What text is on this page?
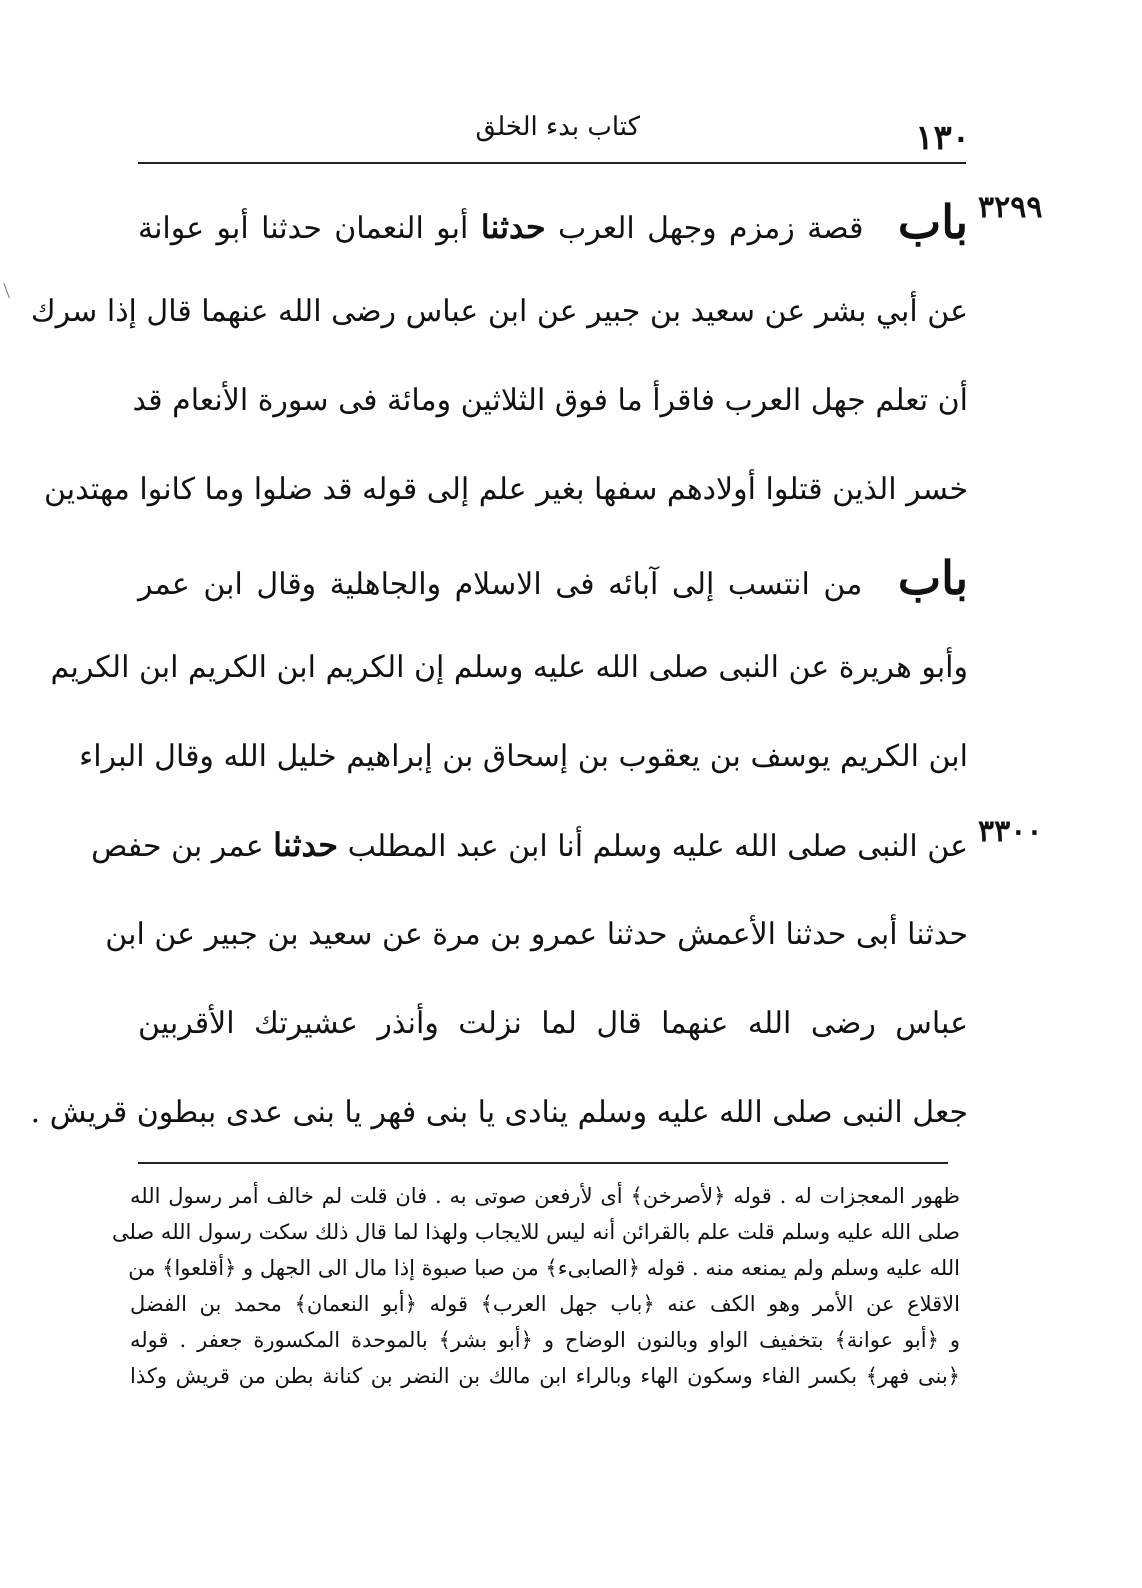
١٣٠
كتاب بدء الخلق
٣٢٩٩
٣٣٠٠
باب قصة زمزم وجهل العرب حدثنا أبو النعمان حدثنا أبو عوانة
عن أبي بشر عن سعيد بن جبير عن ابن عباس رضى الله عنهما قال إذا سرك
أن تعلم جهل العرب فاقرأ ما فوق الثلاثين ومائة فى سورة الأنعام قد
خسر الذين قتلوا أولادهم سفها بغير علم إلى قوله قد ضلوا وما كانوا مهتدين
باب من انتسب إلى آبائه فى الاسلام والجاهلية وقال ابن عمر
وأبو هريرة عن النبى صلى الله عليه وسلم إن الكريم ابن الكريم ابن الكريم
ابن الكريم يوسف بن يعقوب بن إسحاق بن إبراهيم خليل الله وقال البراء
عن النبى صلى الله عليه وسلم أنا ابن عبد المطلب حدثنا عمر بن حفص
حدثنا أبى حدثنا الأعمش حدثنا عمرو بن مرة عن سعيد بن جبير عن ابن
عباس رضى الله عنهما قال لما نزلت وأنذر عشيرتك الأقربين
جعل النبى صلى الله عليه وسلم ينادى يا بنى فهر يا بنى عدى ببطون قريش .
ظهور المعجزات له . قوله ﴿لأصرخن﴾ أى لأرفعن صوتى به . فان قلت لم خالف أمر رسول الله
صلى الله عليه وسلم قلت علم بالقرائن أنه ليس للايجاب ولهذا لما قال ذلك سكت رسول الله صلى
الله عليه وسلم ولم يمنعه منه . قوله ﴿الصابىء﴾ من صبا صبوة إذا مال الى الجهل و ﴿أقلعوا﴾ من
الاقلاع عن الأمر وهو الكف عنه ﴿باب جهل العرب﴾ قوله ﴿أبو النعمان﴾ محمد بن الفضل
و ﴿أبو عوانة﴾ بتخفيف الواو وبالنون الوضاح و ﴿أبو بشر﴾ بالموحدة المكسورة جعفر . قوله
﴿بنى فهر﴾ بكسر الفاء وسكون الهاء وبالراء ابن مالك بن النضر بن كنانة بطن من قريش وكذا
